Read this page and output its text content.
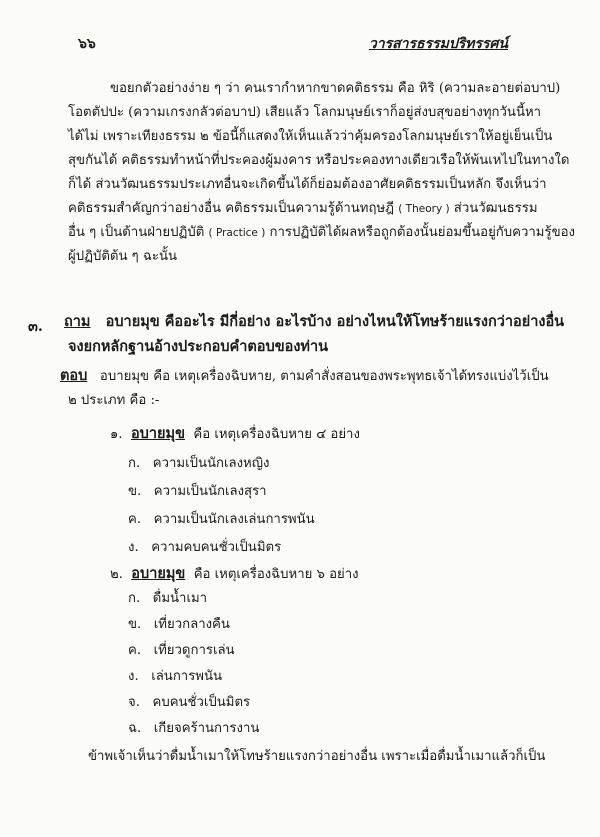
๖๖	วารสารธรรมปริทรรศน์
ขอยกตัวอย่างง่าย ๆ ว่า คนเรากำหากขาดคติธรรม คือ หิริ (ความละอายต่อบาป)
โอตตัปปะ (ความเกรงกลัวต่อบาป) เสียแล้ว โลกมนุษย์เราก็อยู่ส่งบสุขอย่างทุกวันนี้หา
ได้ไม่ เพราะเทียงธรรม ๒ ข้อนี้ก็แสดงให้เห็นแล้วว่าคุ้มครองโลกมนุษย์เราให้อยู่เย็นเป็น
สุขกันได้ คติธรรมทำหน้าที่ประคองผู้มงคาร หรือประคองทางเดียวเรือให้พ้นเหไปในทางใด
ก็ได้ ส่วนวัฒนธรรมประเภทอื่นจะเกิดขึ้นได้ก็ย่อมต้องอาศัยคติธรรมเป็นหลัก จึงเห็นว่า
คติธรรมสำคัญกว่าอย่างอื่น คติธรรมเป็นความรู้ด้านทฤษฎี ( Theory ) ส่วนวัฒนธรรม
อื่น ๆ เป็นด้านฝ่ายปฏิบัติ ( Practice ) การปฏิบัติได้ผลหรือถูกต้องนั้นย่อมขึ้นอยู่กับความรู้ของ
ผู้ปฏิบัติต้น ๆ ฉะนั้น
๓. ถาม อบายมุข คืออะไร มีกี่อย่าง อะไรบ้าง อย่างไหนให้โทษร้ายแรงกว่าอย่างอื่น
จงยกหลักฐานอ้างประกอบคำตอบของท่าน
ตอบ อบายมุข คือ เหตุเครื่องฉิบหาย, ตามคำสั่งสอนของพระพุทธเจ้าได้ทรงแบ่งไว้เป็น
๒ ประเภท คือ :-
๑. อบายมุข คือ เหตุเครื่องฉิบหาย ๔ อย่าง
ก. ความเป็นนักเลงหญิง
ข. ความเป็นนักเลงสุรา
ค. ความเป็นนักเลงเล่นการพนัน
ง. ความคบคนชั่วเป็นมิตร
๒. อบายมุข คือ เหตุเครื่องฉิบหาย ๖ อย่าง
ก. ดื่มน้ำเมา
ข. เที่ยวกลางคืน
ค. เที่ยวดูการเล่น
ง. เล่นการพนัน
จ. คบคนชั่วเป็นมิตร
ฉ. เกียจคร้านการงาน
ข้าพเจ้าเห็นว่าดื่มน้ำเมาให้โทษร้ายแรงกว่าอย่างอื่น เพราะเมื่อดื่มน้ำเมาแล้วก็เป็น
